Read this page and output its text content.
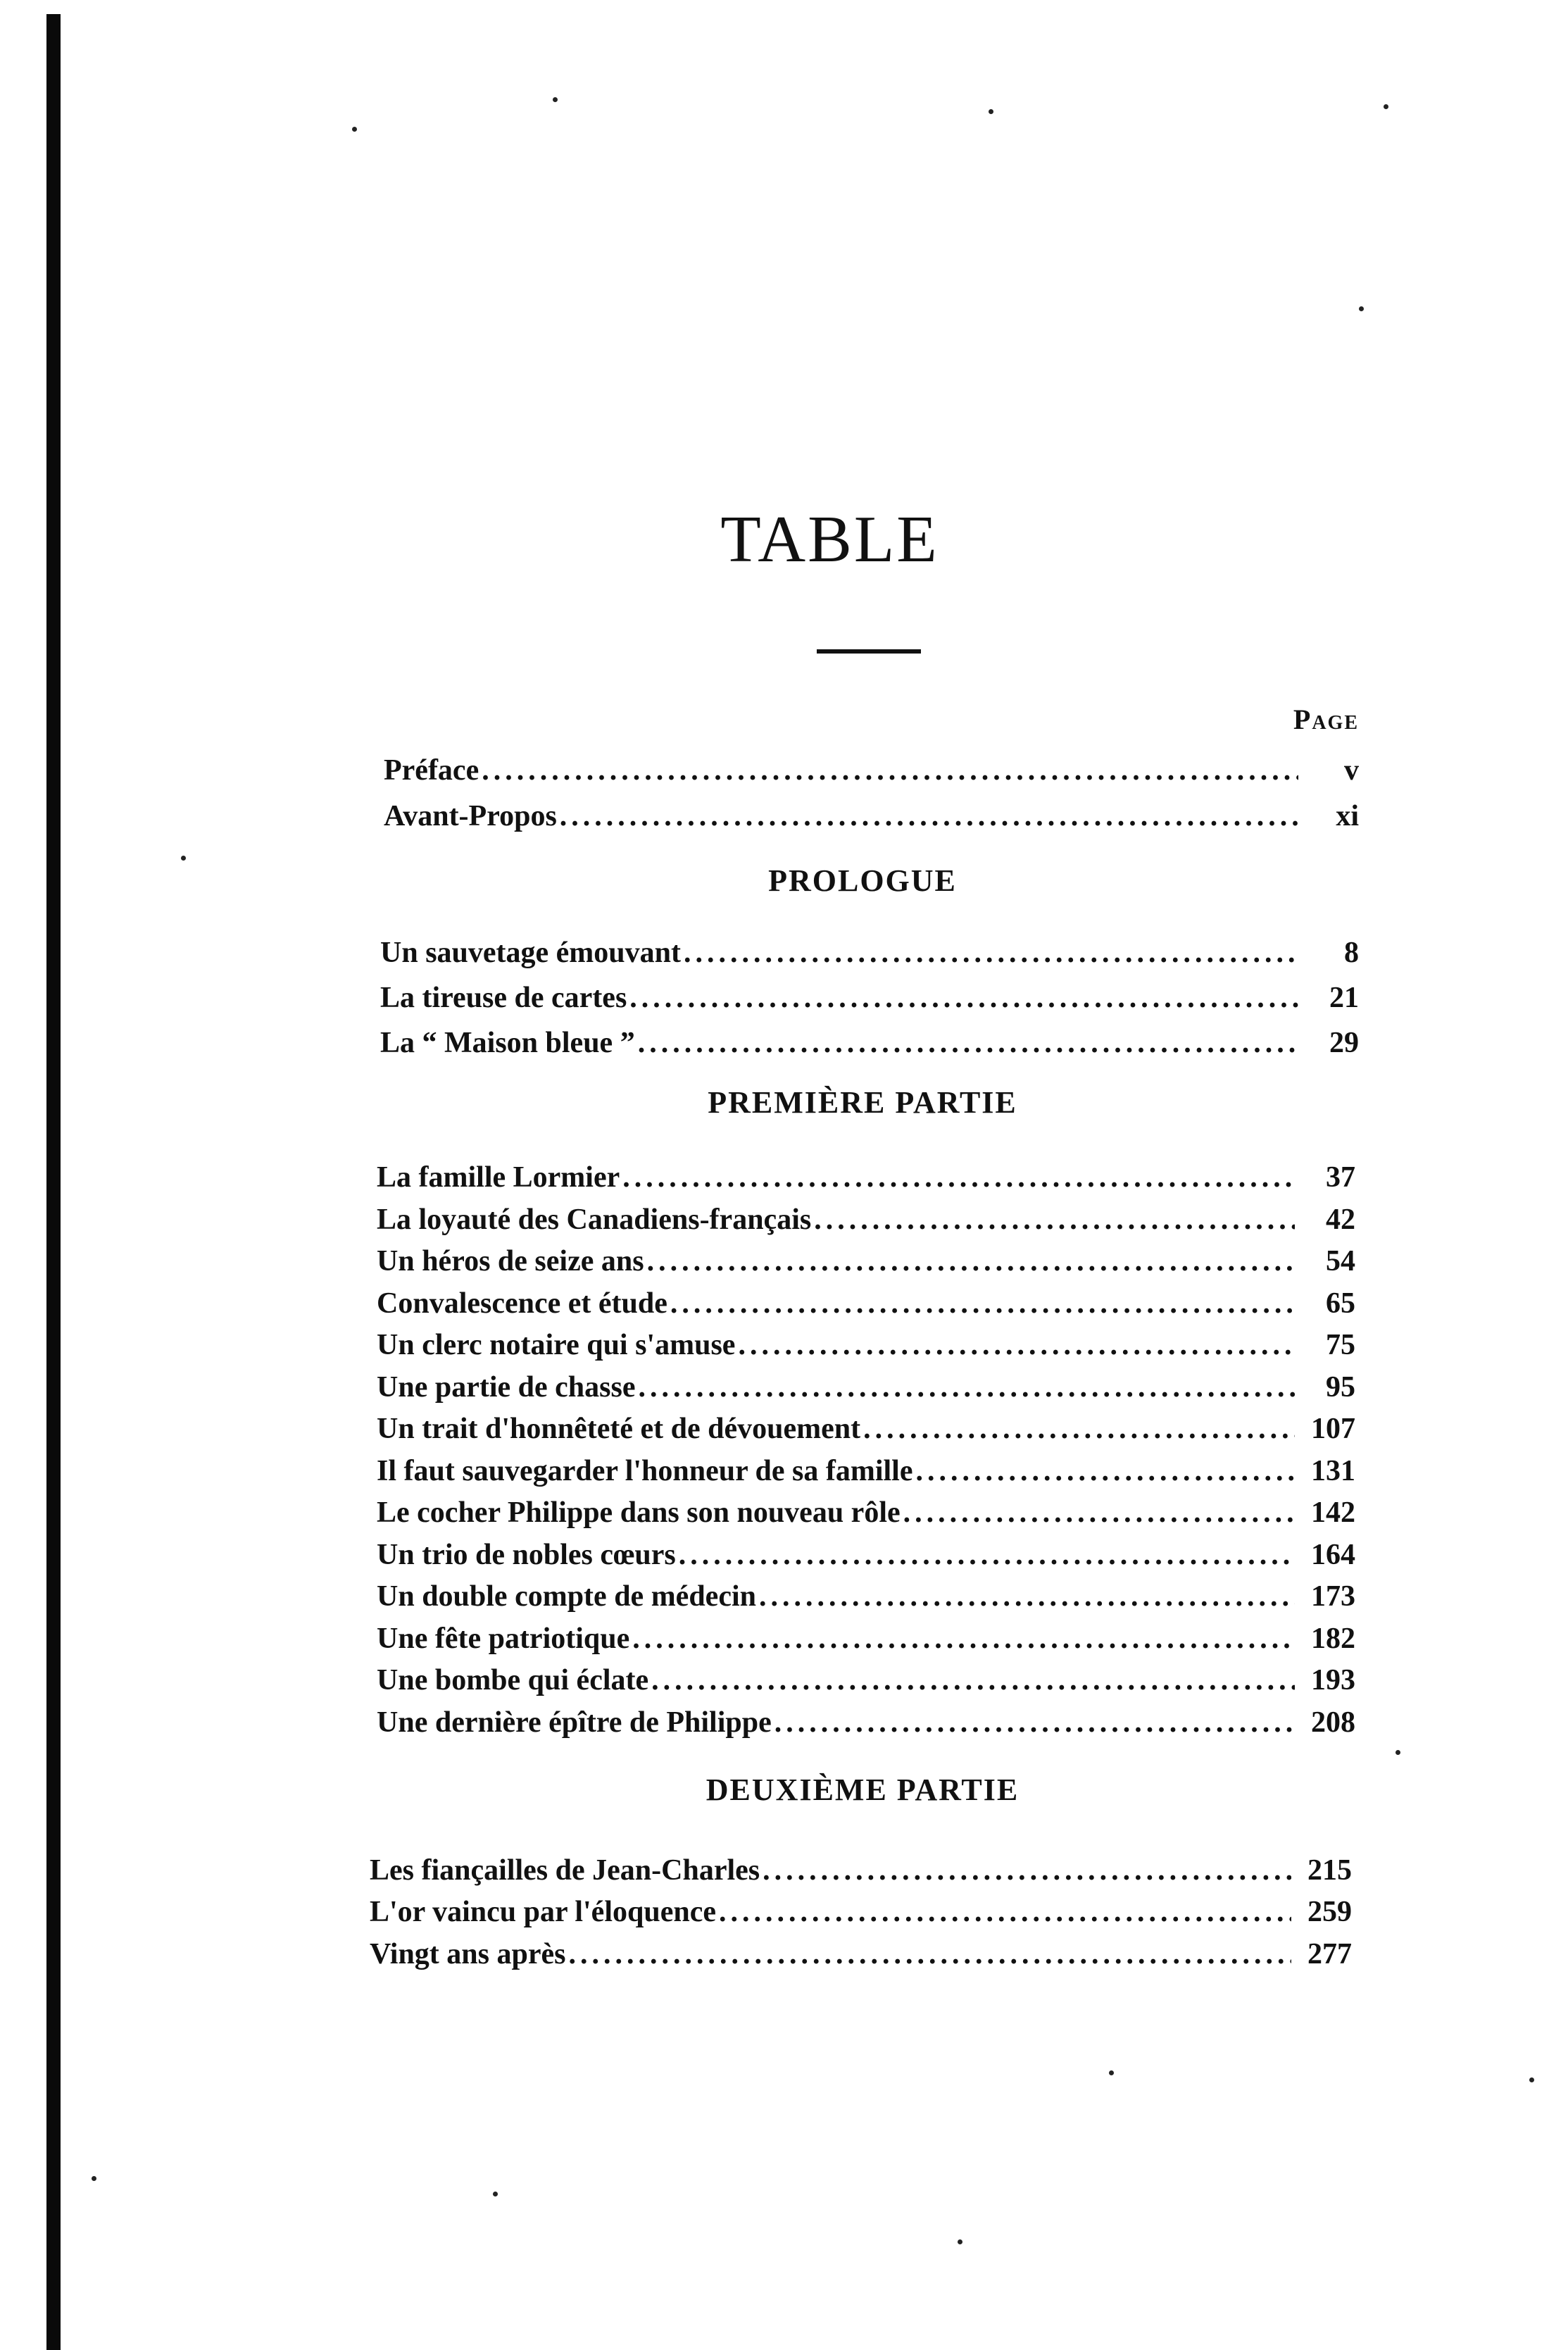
TABLE
Page
Préface .....	v
Avant-Propos .....	xi
PROLOGUE
Un sauvetage émouvant .....	8
La tireuse de cartes .....	21
La “ Maison bleue ” .....	29
PREMIÈRE PARTIE
La famille Lormier .....	37
La loyauté des Canadiens-français .....	42
Un héros de seize ans .....	54
Convalescence et étude .....	65
Un clerc notaire qui s'amuse .....	75
Une partie de chasse .....	95
Un trait d'honnêteté et de dévouement .....	107
Il faut sauvegarder l'honneur de sa famille .....	131
Le cocher Philippe dans son nouveau rôle .....	142
Un trio de nobles cœurs .....	164
Un double compte de médecin .....	173
Une fête patriotique .....	182
Une bombe qui éclate .....	193
Une dernière épître de Philippe .....	208
DEUXIÈME PARTIE
Les fiançailles de Jean-Charles .....	215
L'or vaincu par l'éloquence .....	259
Vingt ans après .....	277
